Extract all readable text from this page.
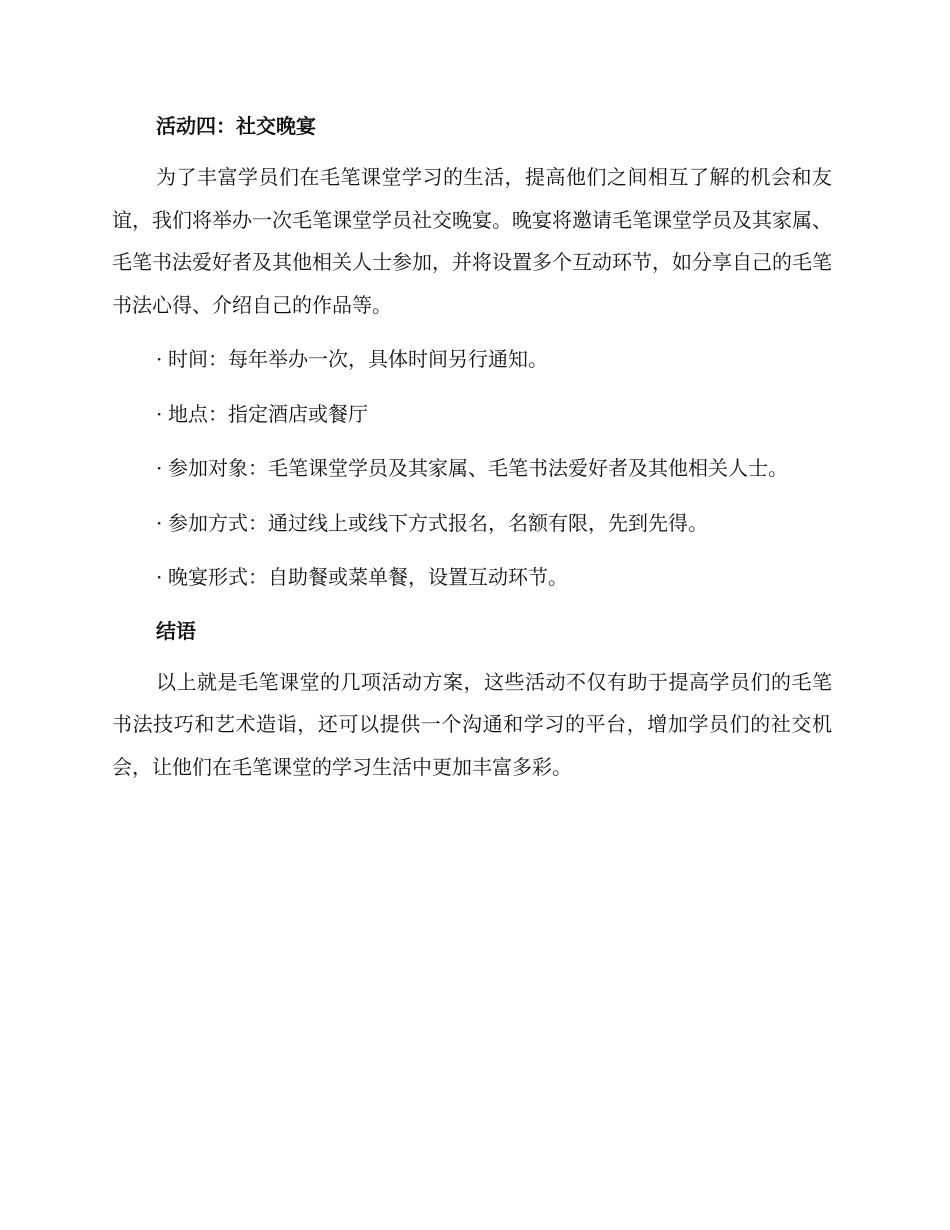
活动四：社交晚宴

为了丰富学员们在毛笔课堂学习的生活，提高他们之间相互了解的机会和友谊，我们将举办一次毛笔课堂学员社交晚宴。晚宴将邀请毛笔课堂学员及其家属、毛笔书法爱好者及其他相关人士参加，并将设置多个互动环节，如分享自己的毛笔书法心得、介绍自己的作品等。

· 时间：每年举办一次，具体时间另行通知。
· 地点：指定酒店或餐厅
· 参加对象：毛笔课堂学员及其家属、毛笔书法爱好者及其他相关人士。
· 参加方式：通过线上或线下方式报名，名额有限，先到先得。
· 晚宴形式：自助餐或菜单餐，设置互动环节。
结语

以上就是毛笔课堂的几项活动方案，这些活动不仅有助于提高学员们的毛笔书法技巧和艺术造诣，还可以提供一个沟通和学习的平台，增加学员们的社交机会，让他们在毛笔课堂的学习生活中更加丰富多彩。
